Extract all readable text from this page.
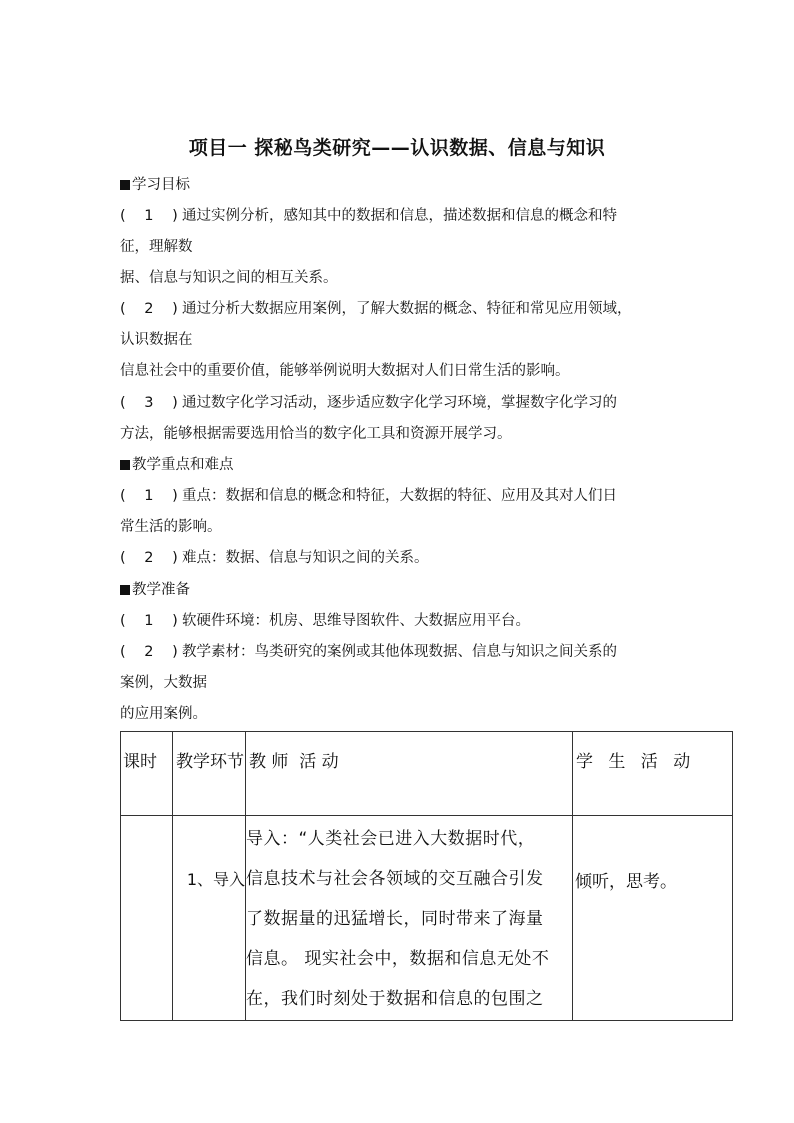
项目一 探秘鸟类研究——认识数据、信息与知识
学习目标
( 1 )通过实例分析，感知其中的数据和信息，描述数据和信息的概念和特
征，理解数
据、信息与知识之间的相互关系。
( 2 )通过分析大数据应用案例，了解大数据的概念、特征和常见应用领域，
认识数据在
信息社会中的重要价值，能够举例说明大数据对人们日常生活的影响。
( 3 )通过数字化学习活动，逐步适应数字化学习环境，掌握数字化学习的
方法，能够根据需要选用恰当的数字化工具和资源开展学习。
教学重点和难点
( 1 )重点：数据和信息的概念和特征，大数据的特征、应用及其对人们日
常生活的影响。
( 2 )难点：数据、信息与知识之间的关系。
教学准备
( 1 )软硬件环境：机房、思维导图软件、大数据应用平台。
( 2 )教学素材：鸟类研究的案例或其他体现数据、信息与知识之间关系的
案例，大数据
的应用案例。
课时	教学环节	教 师  活 动	学 生 活 动

	1、导入	导入：“人类社会已进入大数据时代，
信息技术与社会各领域的交互融合引发
了数据量的迅猛增长，同时带来了海量
信息。 现实社会中，数据和信息无处不
在，我们时刻处于数据和信息的包围之	倾听，思考。
